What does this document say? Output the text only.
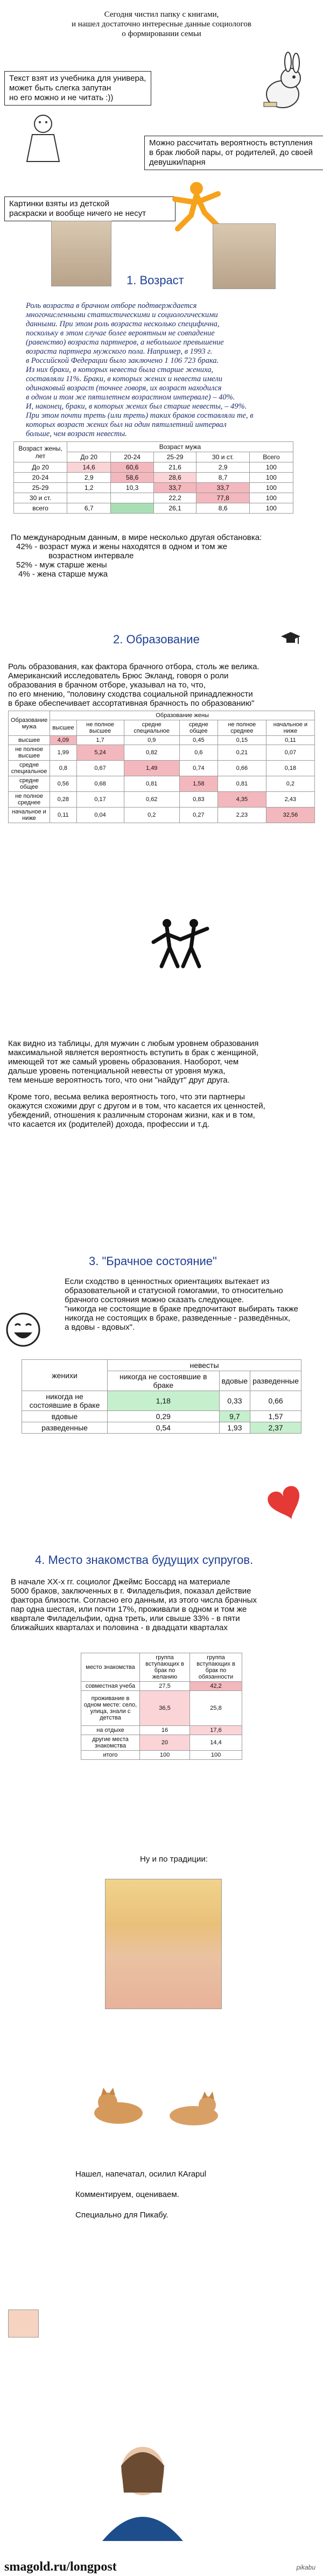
Сегодня чистил папку с книгами,
и нашел достаточно интересные данные социологов
о формировании семьи
Текст взят из учебника для универа,
может быть слегка запутан
но его можно и не читать :))
Можно рассчитать вероятность вступления
в брак любой пары, от родителей, до своей
девушки/парня
Картинки взяты из детской
раскраски и вообще ничего не несут
1. Возраст
Роль возраста в брачном отборе подтверждается
многочисленными статистическими и социологическими
данными. При этом роль возраста несколько специфична,
поскольку в этом случае более вероятным не совпадение
(равенство) возраста партнеров, а небольшое превышение
возраста партнера мужского пола. Например, в 1993 г.
в Российской Федерации было заключено 1 106 723 брака.
Из них браки, в которых невеста была старше жениха,
составляли 11%. Браки, в которых жених и невеста имели
одинаковый возраст (точнее говоря, их возраст находился
в одном и том же пятилетнем возрастном интервале) – 40%.
И, наконец, браки, в которых жених был старше невесты, – 49%.
При этом почти треть (или треть) таких браков составляли те, в
которых возраст жених был на один пятилетний интервал
больше, чем возраст невесты.
Возраст жены, лет	Возраст мужа				
	До 20	20-24	25-29	30 и ст.	Всего
До 20	14,6	60,6	21,6	2,9	100
20-24	2,9	58,6	28,6	8,7	100
25-29	1,2	10,3	33,7	33,7	100
30 и ст.			22,2	77,8	100
всего	6,7		26,1	8,6	100
По международным данным, в мире несколько другая обстановка:
42% - возраст мужа и жены находятся в одном и том же
возрастном интервале
52% - муж старше жены
4% - жена старше мужа
2. Образование
Роль образования, как фактора брачного отбора, столь же велика.
Американский исследователь Брюс Экланд, говоря о роли
образования в брачном отборе, указывал на то, что,
по его мнению, "половину сходства социальной принадлежности
в браке обеспечивает ассортативная брачность по образованию"
Образование мужа	Образование жены					
	высшее	не полное высшее	средне специальное	средне общее	не полное среднее	начальное и ниже
высшее	4,09	1,7	0,9	0,45	0,15	0,11
не полное высшее	1,99	5,24	0,82	0,6	0,21	0,07
средне специальное	0,8	0,67	1,49	0,74	0,66	0,18
средне общее	0,56	0,68	0,81	1,58	0,81	0,2
не полное среднее	0,28	0,17	0,62	0,83	4,35	2,43
начальное и ниже	0,11	0,04	0,2	0,27	2,23	32,56
Как видно из таблицы, для мужчин с любым уровнем образования
максимальной является вероятность вступить в брак с женщиной,
имеющей тот же самый уровень образования. Наоборот, чем
дальше уровень потенциальной невесты от уровня мужа,
тем меньше вероятность того, что они "найдут" друг друга.
Кроме того, весьма велика вероятность того, что эти партнеры
окажутся схожими друг с другом и в том, что касается их ценностей,
убеждений, отношения к различным сторонам жизни, как и в том,
что касается их (родителей) дохода, профессии и т.д.
3. "Брачное состояние"
Если сходство в ценностных ориентациях вытекает из
образовательной и статусной гомогамии, то относительно
брачного состояния можно сказать следующее.
"никогда не состоящие в браке предпочитают выбирать также
никогда не состоящих в браке, разведенные - разведённых,
а вдовы - вдовых".
женихи	невесты		
	никогда не состоявшие в браке	вдовые	разведенные
никогда не состоявшие в браке	1,18	0,33	0,66
вдовые	0,29	9,7	1,57
разведенные	0,54	1,93	2,37
4. Место знакомства будущих супругов.
В начале XX-х гг. социолог Джеймс Боссард на материале
5000 браков, заключенных в г. Филадельфия, показал действие
фактора близости. Согласно его данным, из этого числа брачных
пар одна шестая, или почти 17%, проживали в одном и том же
квартале Филадельфии, одна треть, или свыше 33% - в пяти
ближайших кварталах и половина - в двадцати кварталах
место знакомства	группа вступающих в брак по желанию	группа вступающих в брак по обязанности
совместная учеба	27,5	42,2
проживание в одном месте: село, улица, знали с детства	36,5	25,8
на отдыхе	16	17,6
другие места знакомства	20	14,4
итого	100	100
Ну и по традиции:
Нашел, напечатал, осилил КArapul
Комментируем, оцениваем.
Специально для Пикабу.
smagold.ru/longpost	pikabu
